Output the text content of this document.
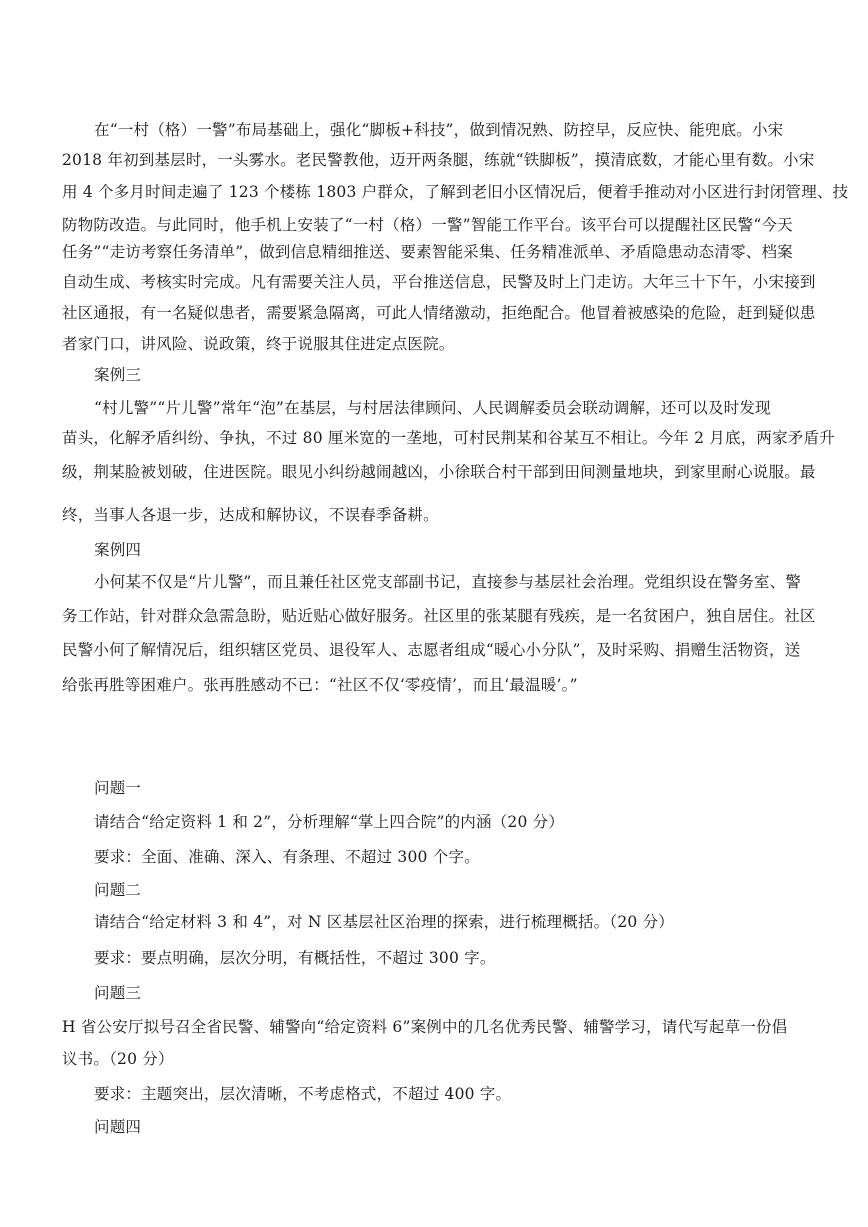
在“一村（格）一警”布局基础上，强化“脚板+科技”，做到情况熟、防控早，反应快、能兜底。小宋
2018 年初到基层时，一头雾水。老民警教他，迈开两条腿，练就“铁脚板”，摸清底数，才能心里有数。小宋
用 4 个多月时间走遍了 123 个楼栋 1803 户群众，了解到老旧小区情况后，便着手推动对小区进行封闭管理、技
防物防改造。与此同时，他手机上安装了“一村（格）一警”智能工作平台。该平台可以提醒社区民警“今天
任务”“走访考察任务清单”，做到信息精细推送、要素智能采集、任务精准派单、矛盾隐患动态清零、档案
自动生成、考核实时完成。凡有需要关注人员，平台推送信息，民警及时上门走访。大年三十下午，小宋接到
社区通报，有一名疑似患者，需要紧急隔离，可此人情绪激动，拒绝配合。他冒着被感染的危险，赶到疑似患
者家门口，讲风险、说政策，终于说服其住进定点医院。
案例三
“村儿警”“片儿警”常年“泡”在基层，与村居法律顾问、人民调解委员会联动调解，还可以及时发现
苗头，化解矛盾纠纷、争执，不过 80 厘米宽的一垄地，可村民荆某和谷某互不相让。今年 2 月底，两家矛盾升
级，荆某脸被划破，住进医院。眼见小纠纷越闹越凶，小徐联合村干部到田间测量地块，到家里耐心说服。最
终，当事人各退一步，达成和解协议，不误春季备耕。
案例四
小何某不仅是“片儿警”，而且兼任社区党支部副书记，直接参与基层社会治理。党组织设在警务室、警
务工作站，针对群众急需急盼，贴近贴心做好服务。社区里的张某腿有残疾，是一名贫困户，独自居住。社区
民警小何了解情况后，组织辖区党员、退役军人、志愿者组成“暖心小分队”，及时采购、捐赠生活物资，送
给张再胜等困难户。张再胜感动不已：“社区不仅‘零疫情’，而且‘最温暖’。”
问题一
请结合“给定资料 1 和 2”，分析理解“掌上四合院”的内涵（20 分）
要求：全面、准确、深入、有条理、不超过 300 个字。
问题二
请结合“给定材料 3 和 4”，对 N 区基层社区治理的探索，进行梳理概括。（20 分）
要求：要点明确，层次分明，有概括性，不超过 300 字。
问题三
H 省公安厅拟号召全省民警、辅警向“给定资料 6”案例中的几名优秀民警、辅警学习，请代写起草一份倡
议书。（20 分）
要求：主题突出，层次清晰，不考虑格式，不超过 400 字。
问题四
